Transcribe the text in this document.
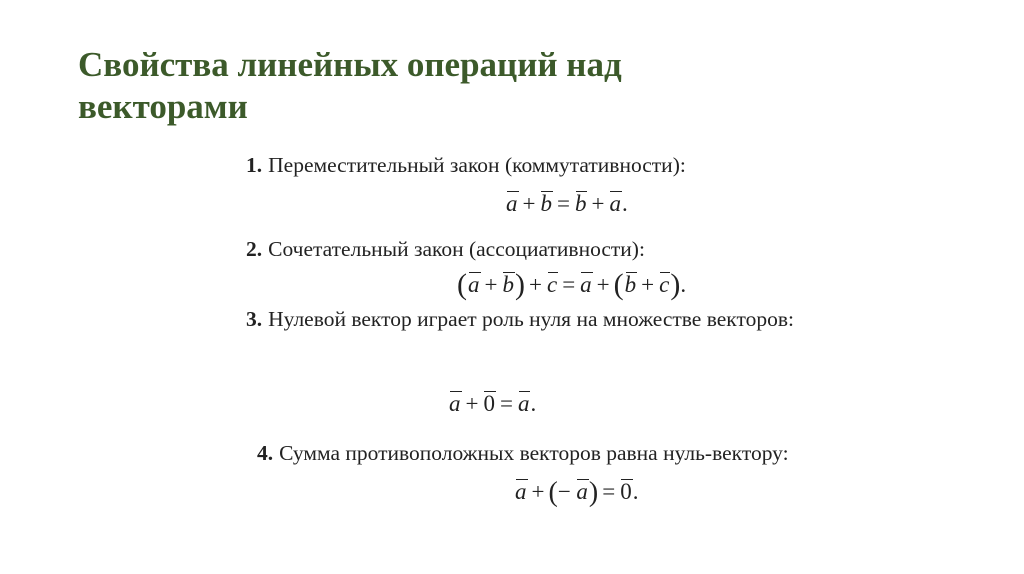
Свойства линейных операций над векторами

1. Переместительный закон (коммутативности):

a + b = b + a.

2. Сочетательный закон (ассоциативности):

(a + b) + c = a + (b + c).

3. Нулевой вектор играет роль нуля на множестве векторов:

a + 0 = a.

4. Сумма противоположных векторов равна нуль-вектору:

a + (− a) = 0.
